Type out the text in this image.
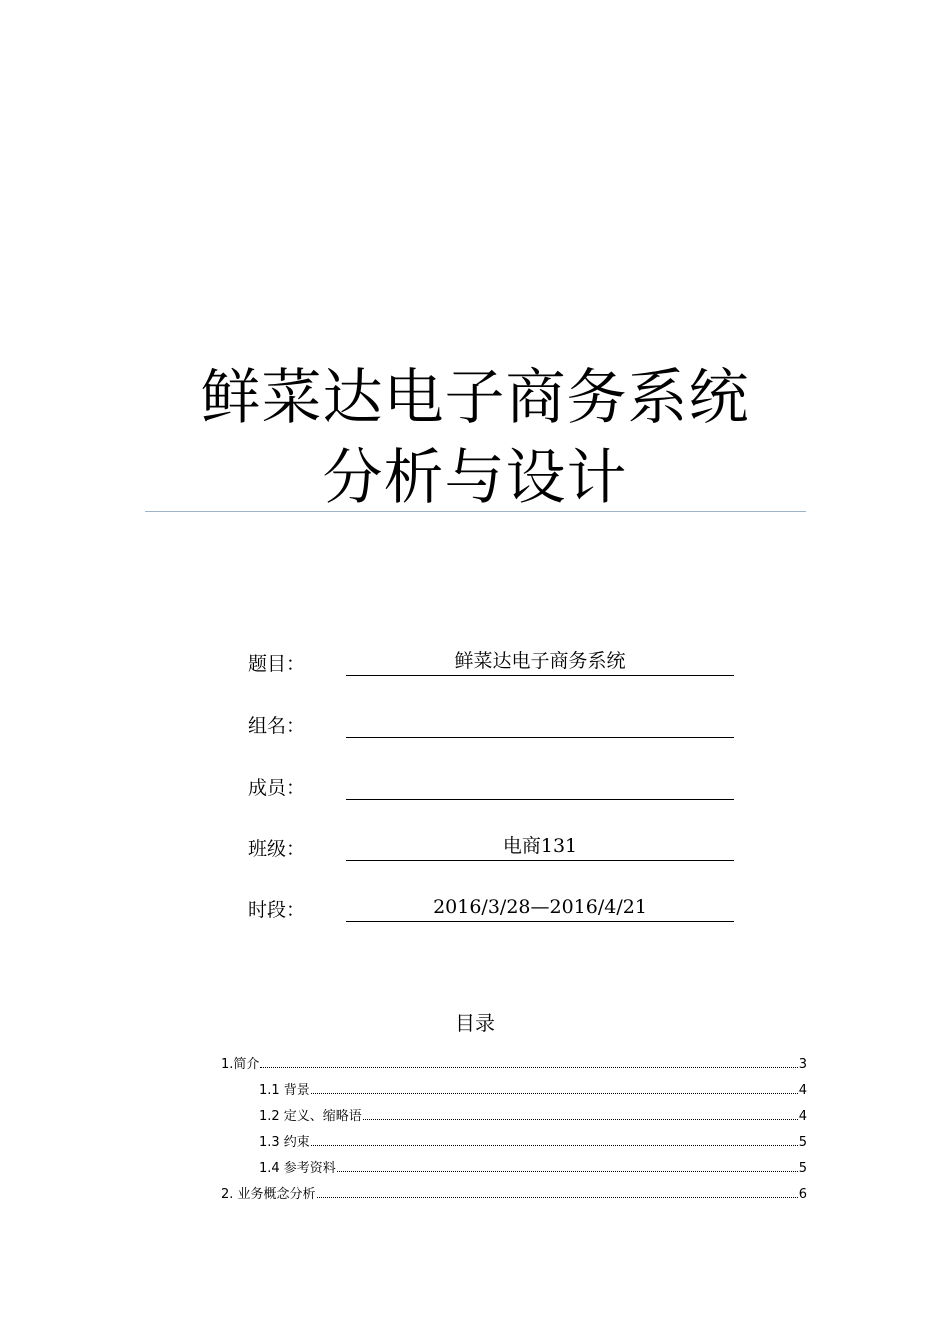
鲜菜达电子商务系统
分析与设计
题目：	鲜菜达电子商务系统
组名：
成员：
班级：	电商131
时段：	2016/3/28—2016/4/21
目录
1.简介	3
1.1 背景	4
1.2 定义、缩略语	4
1.3 约束	5
1.4 参考资料	5
2. 业务概念分析	6
